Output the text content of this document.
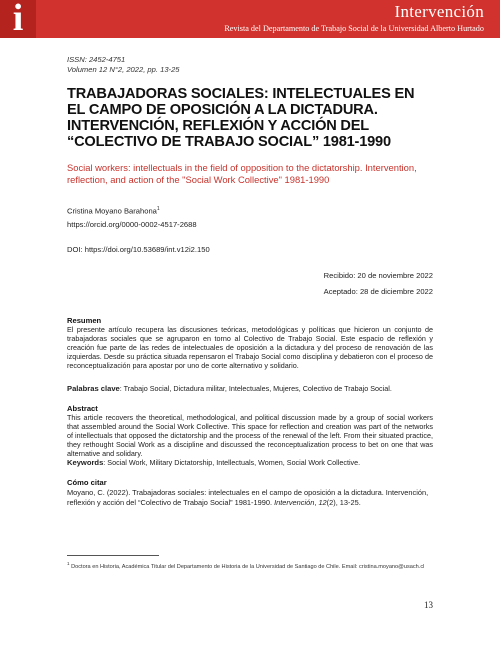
i	Intervención
Revista del Departamento de Trabajo Social de la Universidad Alberto Hurtado
ISSN: 2452-4751
Volumen 12 N°2, 2022, pp. 13-25
TRABAJADORAS SOCIALES: INTELECTUALES EN EL CAMPO DE OPOSICIÓN A LA DICTADURA. INTERVENCIÓN, REFLEXIÓN Y ACCIÓN DEL “COLECTIVO DE TRABAJO SOCIAL” 1981-1990
Social workers: intellectuals in the field of opposition to the dictatorship. Intervention, reflection, and action of the "Social Work Collective" 1981-1990
Cristina Moyano Barahona$^1$
https://orcid.org/0000-0002-4517-2688
DOI: https://doi.org/10.53689/int.v12i2.150
Recibido: 20 de noviembre 2022
Aceptado: 28 de diciembre 2022
Resumen
El presente artículo recupera las discusiones teóricas, metodológicas y políticas que hicieron un conjunto de trabajadoras sociales que se agruparon en torno al Colectivo de Trabajo Social. Este espacio de reflexión y creación fue parte de las redes de intelectuales de oposición a la dictadura y del proceso de renovación de las izquierdas. Desde su práctica situada repensaron el Trabajo Social como disciplina y debatieron con el proceso de reconceptualización para apostar por uno de corte alternativo y solidario.
Palabras clave: Trabajo Social, Dictadura militar, Intelectuales, Mujeres, Colectivo de Trabajo Social.
Abstract
This article recovers the theoretical, methodological, and political discussion made by a group of social workers that assembled around the Social Work Collective. This space for reflection and creation was part of the networks of intellectuals that opposed the dictatorship and the process of the renewal of the left. From their situated practice, they rethought Social Work as a discipline and discussed the reconceptualization process to bet on one that was alternative and solidary.
Keywords: Social Work, Military Dictatorship, Intellectuals, Women, Social Work Collective.
Cómo citar
Moyano, C. (2022). Trabajadoras sociales: intelectuales en el campo de oposición a la dictadura. Intervención, reflexión y acción del “Colectivo de Trabajo Social” 1981-1990. Intervención, 12(2), 13-25.
$^1$ Doctora en Historia, Académica Titular del Departamento de Historia de la Universidad de Santiago de Chile. Email: cristina.moyano@usach.cl
13
